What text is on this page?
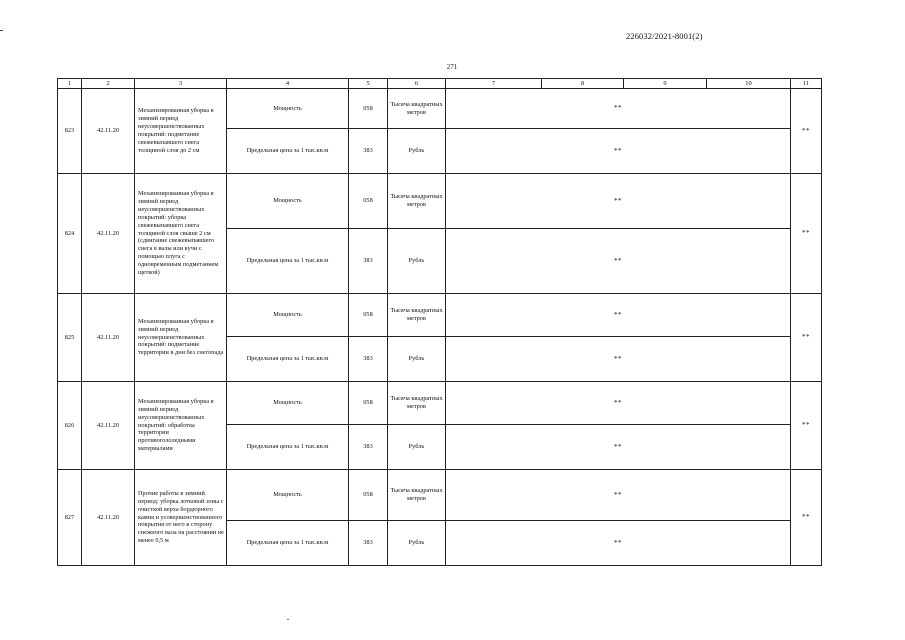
226032/2021-8001(2)
271
1	2	3	4	5	6	7	8	9	10	11
823	42.11.20	Механизированная уборка в зимний период неусовершенствованных покрытий: подметание свежевыпавшего снега толщиной слоя до 2 см	Мощность	058	Тысяча квадратных метров	**				**
			Предельная цена за 1 тыс.кв.м	383	Рубль	**				
824	42.11.20	Механизированная уборка в зимний период неусовершенствованных покрытий: уборка свежевыпавшего снега толщиной слоя свыше 2 см (сдвигание свежевыпавшего снега в валы или кучи с помощью плуга с одновременным подметанием щеткой)	Мощность	058	Тысяча квадратных метров	**				**
			Предельная цена за 1 тыс.кв.м	383	Рубль	**				
825	42.11.20	Механизированная уборка в зимний период неусовершенствованных покрытий: подметание территории в дни без снегопада	Мощность	058	Тысяча квадратных метров	**				**
			Предельная цена за 1 тыс.кв.м	383	Рубль	**				
826	42.11.20	Механизированная уборка в зимний период неусовершенствованных покрытий: обработка территории противогололедными материалами	Мощность	058	Тысяча квадратных метров	**				**
			Предельная цена за 1 тыс.кв.м	383	Рубль	**				
827	42.11.20	Прочие работы в зимний период: уборка лотковой зоны с очисткой верха бордюрного камня и усовершенствованного покрытия от него в сторону снежного вала на расстоянии не менее 0,5 м	Мощность	058	Тысяча квадратных метров	**				**
			Предельная цена за 1 тыс.кв.м	383	Рубль	**				
